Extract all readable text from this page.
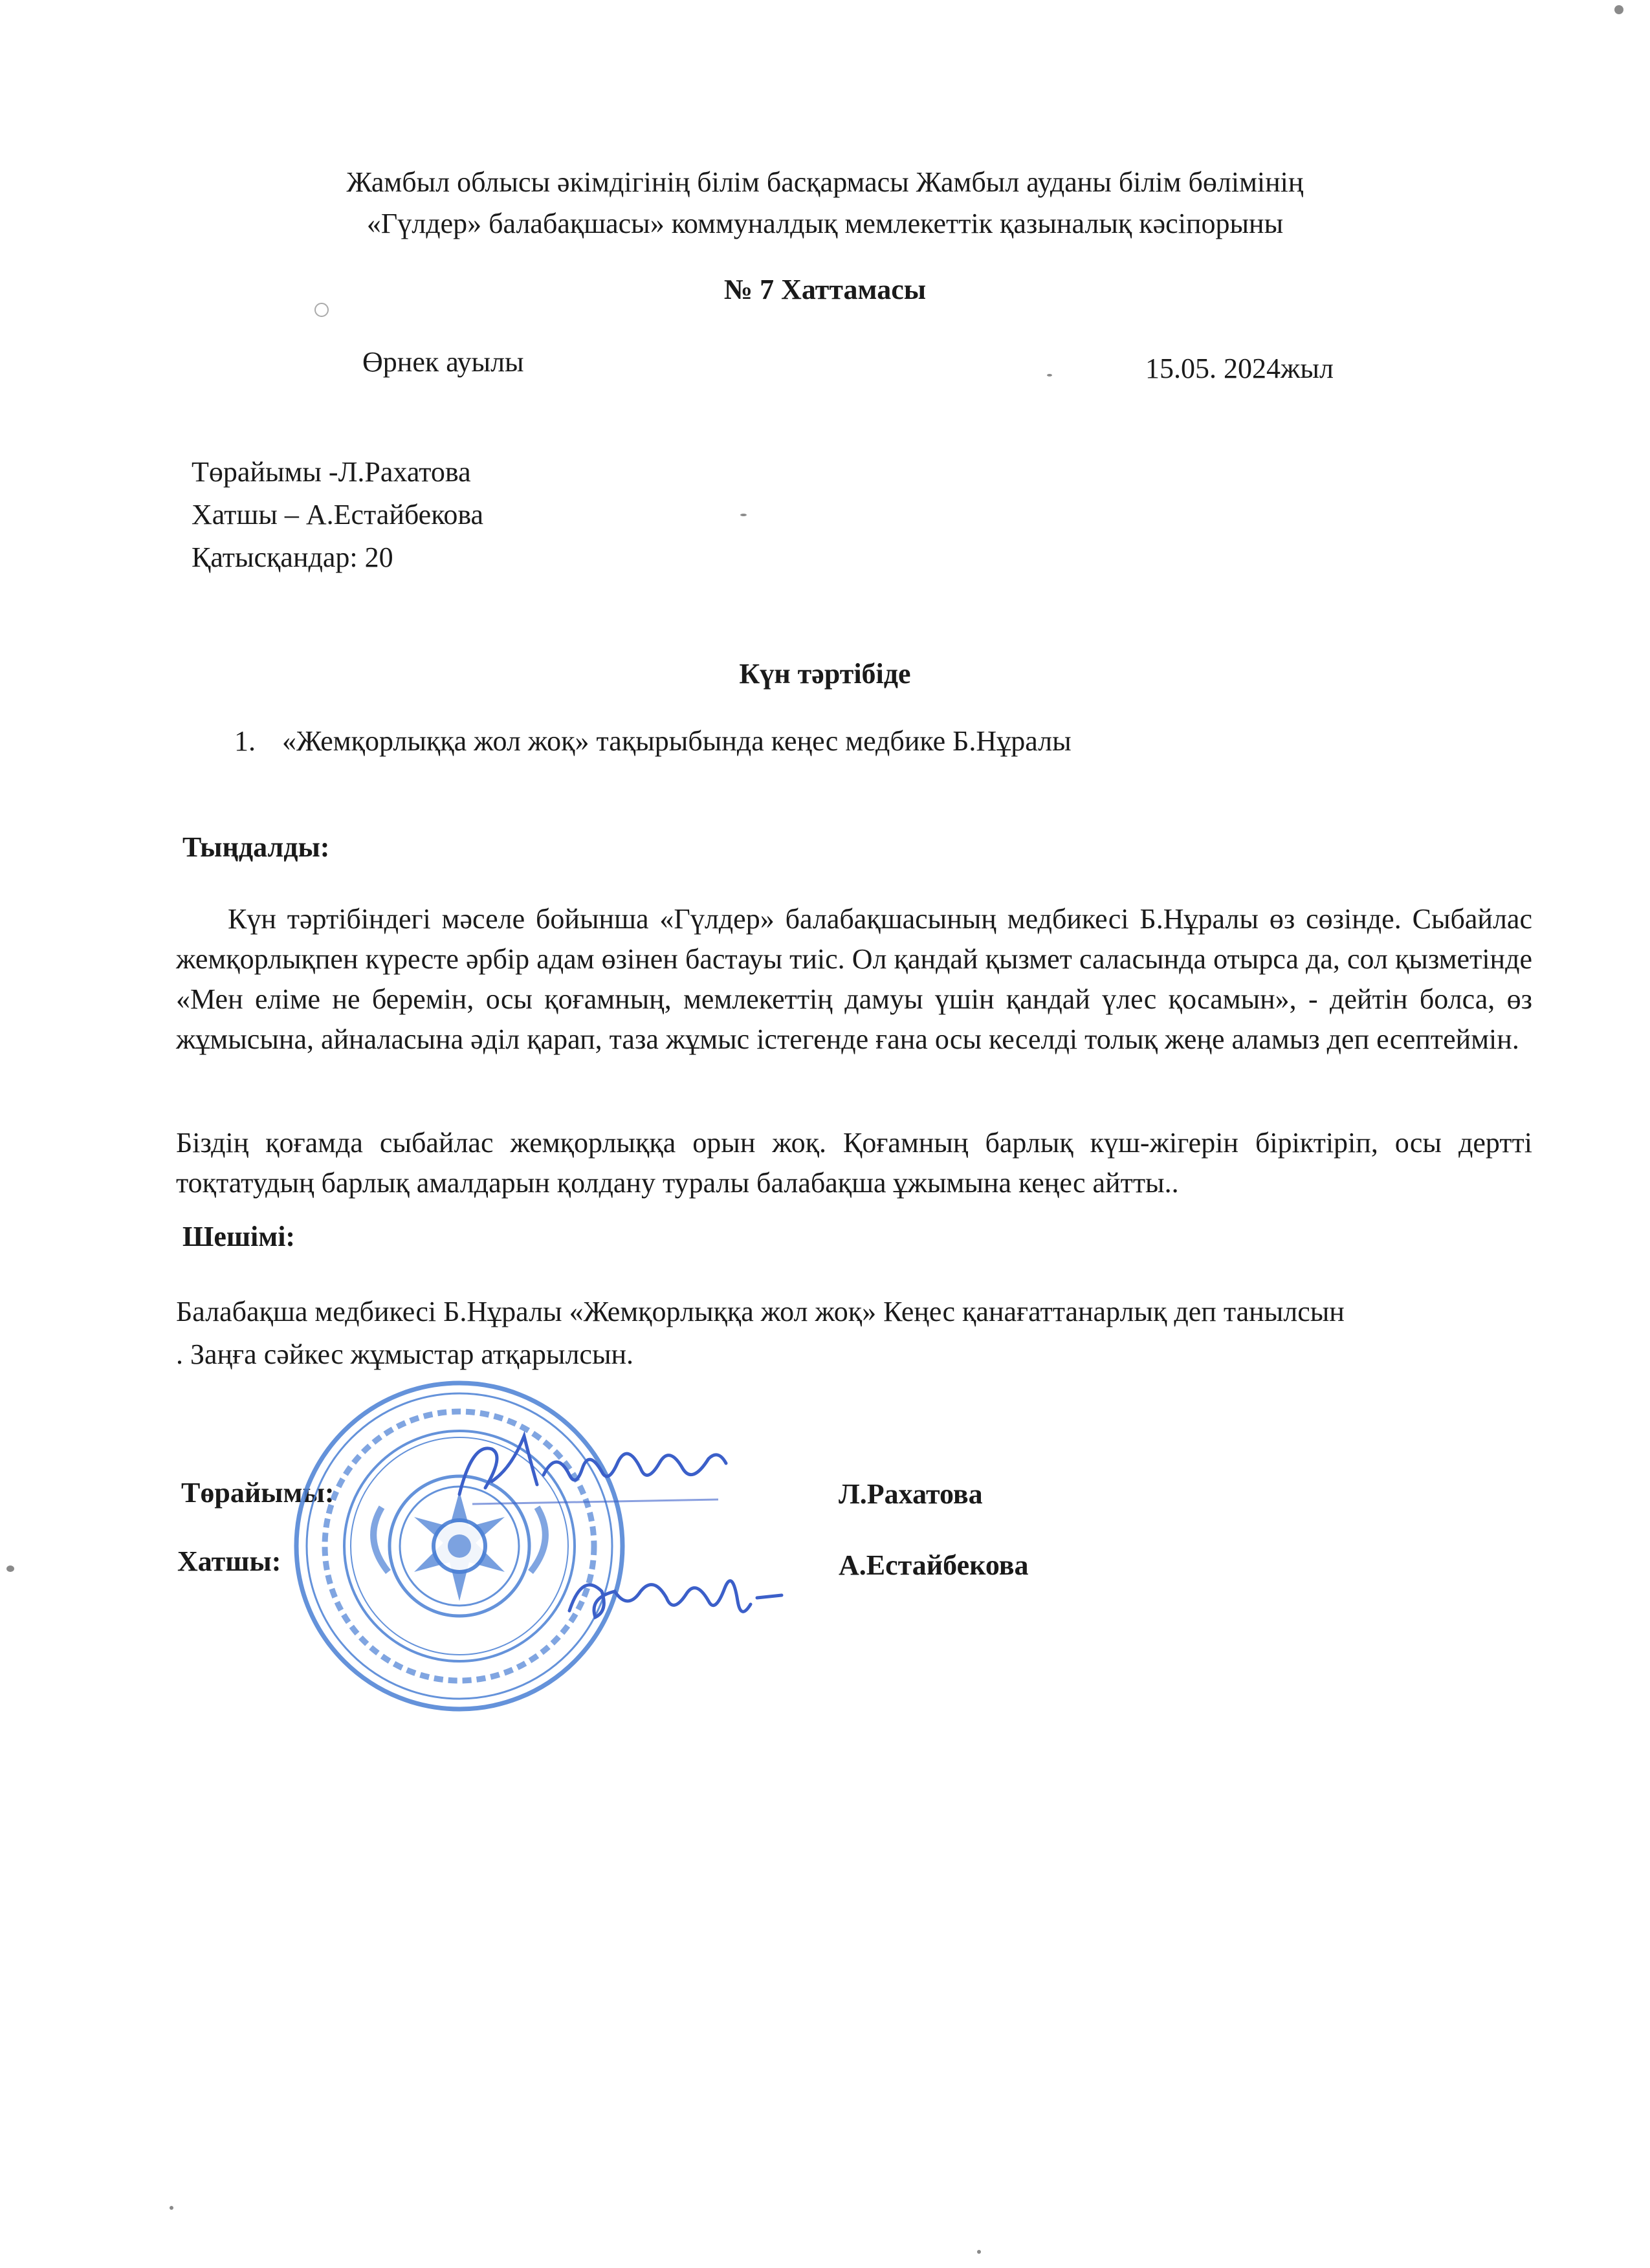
Жамбыл облысы әкімдігінің білім басқармасы Жамбыл ауданы білім бөлімінің
«Гүлдер» балабақшасы» коммуналдық мемлекеттік қазыналық кәсіпорыны
№ 7 Хаттамасы
Өрнек ауылы	15.05. 2024жыл
Төрайымы -Л.Рахатова
Хатшы – А.Естайбекова
Қатысқандар: 20
Күн тәртібіде
1. «Жемқорлыққа жол жоқ» тақырыбында кеңес медбике Б.Нұралы
Тыңдалды:
Күн тәртібіндегі мәселе бойынша «Гүлдер» балабақшасының медбикесі Б.Нұралы өз сөзінде. Сыбайлас жемқорлықпен күресте әрбір адам өзінен бастауы тиіс. Ол қандай қызмет саласында отырса да, сол қызметінде «Мен еліме не беремін, осы қоғамның, мемлекеттің дамуы үшін қандай үлес қосамын», - дейтін болса, өз жұмысына, айналасына әділ қарап, таза жұмыс істегенде ғана осы кеселді толық жеңе аламыз деп есептеймін.
Біздің қоғамда сыбайлас жемқорлыққа орын жоқ. Қоғамның барлық күш-жігерін біріктіріп, осы дертті тоқтатудың барлық амалдарын қолдану туралы балабақша ұжымына кеңес айтты..
Шешімі:
Балабақша медбикесі Б.Нұралы «Жемқорлыққа жол жоқ» Кеңес қанағаттанарлық деп танылсын
. Заңға сәйкес жұмыстар атқарылсын.
Төрайымы:	Л.Рахатова
Хатшы:	А.Естайбекова
